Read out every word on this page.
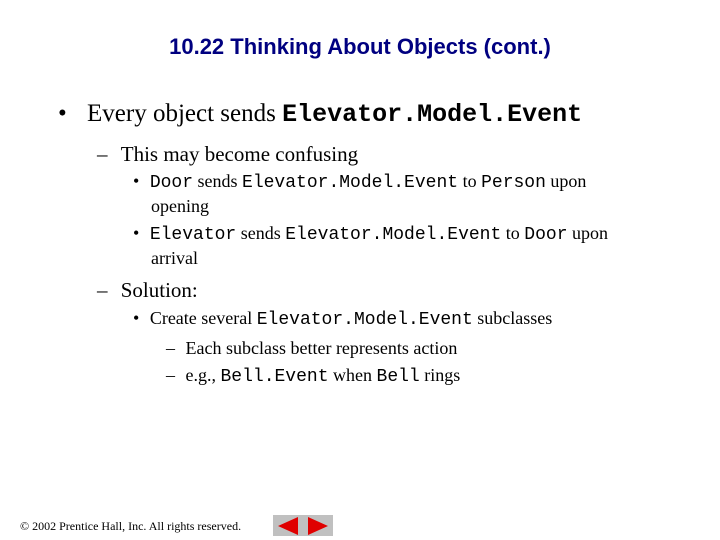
10.22 Thinking About Objects (cont.)
• Every object sends Elevator.Model.Event
– This may become confusing
• Door sends Elevator.Model.Event to Person upon
opening
• Elevator sends Elevator.Model.Event to Door upon
arrival
– Solution:
• Create several Elevator.Model.Event subclasses
– Each subclass better represents action
– e.g., Bell.Event when Bell rings
© 2002 Prentice Hall, Inc. All rights reserved.
